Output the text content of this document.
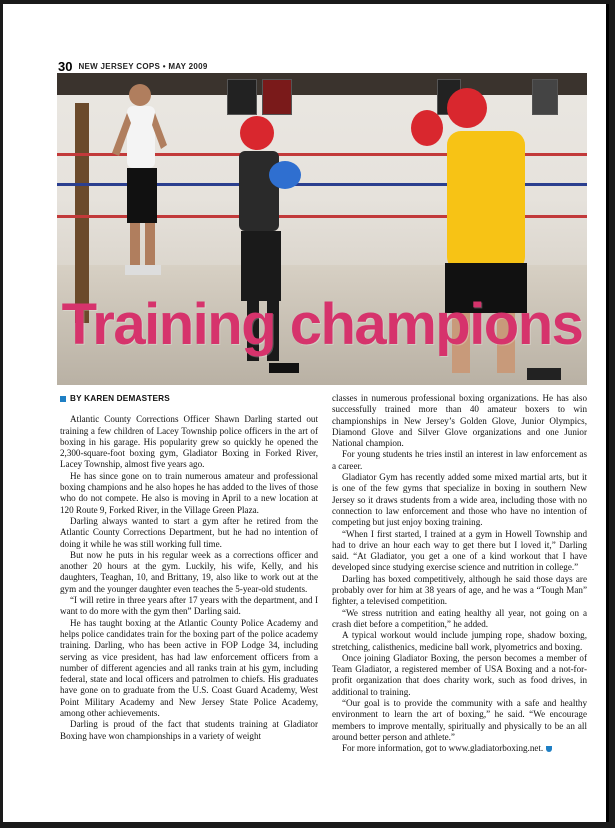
30 NEW JERSEY COPS • MAY 2009
Training champions
BY KAREN DEMASTERS

Atlantic County Corrections Officer Shawn Darling started out training a few children of Lacey Township police officers in the art of boxing in his garage. His popularity grew so quickly he opened the 2,300-square-foot boxing gym, Gladiator Boxing in Forked River, Lacey Township, almost five years ago.

He has since gone on to train numerous amateur and professional boxing champions and he also hopes he has added to the lives of those who do not compete. He also is moving in April to a new location at 120 Route 9, Forked River, in the Village Green Plaza.

Darling always wanted to start a gym after he retired from the Atlantic County Corrections Department, but he had no intention of doing it while he was still working full time.

But now he puts in his regular week as a corrections officer and another 20 hours at the gym. Luckily, his wife, Kelly, and his daughters, Teaghan, 10, and Brittany, 19, also like to work out at the gym and the younger daughter even teaches the 5-year-old students.

“I will retire in three years after 17 years with the department, and I want to do more with the gym then” Darling said.

He has taught boxing at the Atlantic County Police Academy and helps police candidates train for the boxing part of the police academy training. Darling, who has been active in FOP Lodge 34, including serving as vice president, has had law enforcement officers from a number of different agencies and all ranks train at his gym, including federal, state and local officers and patrolmen to chiefs. His graduates have gone on to graduate from the U.S. Coast Guard Academy, West Point Military Academy and New Jersey State Police Academy, among other achievements.

Darling is proud of the fact that students training at Gladiator Boxing have won championships in a variety of weight

classes in numerous professional boxing organizations. He has also successfully trained more than 40 amateur boxers to win championships in New Jersey’s Golden Glove, Junior Olympics, Diamond Glove and Silver Glove organizations and one Junior National champion.

For young students he tries instil an interest in law enforcement as a career.

Gladiator Gym has recently added some mixed martial arts, but it is one of the few gyms that specialize in boxing in southern New Jersey so it draws students from a wide area, including those with no connection to law enforcement and those who have no intention of competing but just enjoy boxing training.

“When I first started, I trained at a gym in Howell Township and had to drive an hour each way to get there but I loved it,” Darling said. “At Gladiator, you get a one of a kind workout that I have developed since studying exercise science and nutrition in college.”

Darling has boxed competitively, although he said those days are probably over for him at 38 years of age, and he was a “Tough Man” fighter, a televised competition.

“We stress nutrition and eating healthy all year, not going on a crash diet before a competition,” he added.

A typical workout would include jumping rope, shadow boxing, stretching, calisthenics, medicine ball work, plyometrics and boxing.

Once joining Gladiator Boxing, the person becomes a member of Team Gladiator, a registered member of USA Boxing and a not-for-profit organization that does charity work, such as food drives, in additional to training.

“Our goal is to provide the community with a safe and healthy environment to learn the art of boxing,” he said. “We encourage members to improve mentally, spiritually and physically to be an all around better person and athlete.”

For more information, got to www.gladiatorboxing.net.
